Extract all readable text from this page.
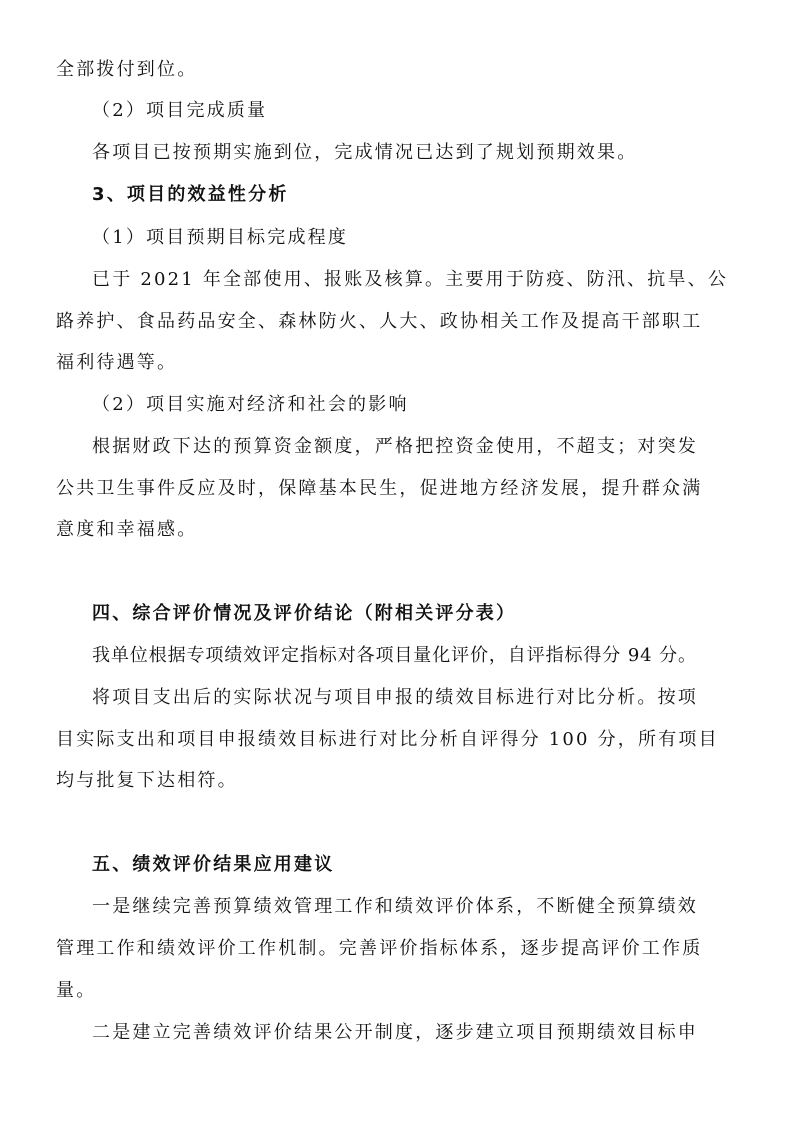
全部拨付到位。
（2）项目完成质量
各项目已按预期实施到位，完成情况已达到了规划预期效果。
3、项目的效益性分析
（1）项目预期目标完成程度
已于 2021 年全部使用、报账及核算。主要用于防疫、防汛、抗旱、公
路养护、食品药品安全、森林防火、人大、政协相关工作及提高干部职工
福利待遇等。
（2）项目实施对经济和社会的影响
根据财政下达的预算资金额度，严格把控资金使用，不超支；对突发
公共卫生事件反应及时，保障基本民生，促进地方经济发展，提升群众满
意度和幸福感。
四、综合评价情况及评价结论（附相关评分表）
我单位根据专项绩效评定指标对各项目量化评价，自评指标得分 94 分。
将项目支出后的实际状况与项目申报的绩效目标进行对比分析。按项
目实际支出和项目申报绩效目标进行对比分析自评得分 100 分，所有项目
均与批复下达相符。
五、绩效评价结果应用建议
一是继续完善预算绩效管理工作和绩效评价体系，不断健全预算绩效
管理工作和绩效评价工作机制。完善评价指标体系，逐步提高评价工作质
量。
二是建立完善绩效评价结果公开制度，逐步建立项目预期绩效目标申
